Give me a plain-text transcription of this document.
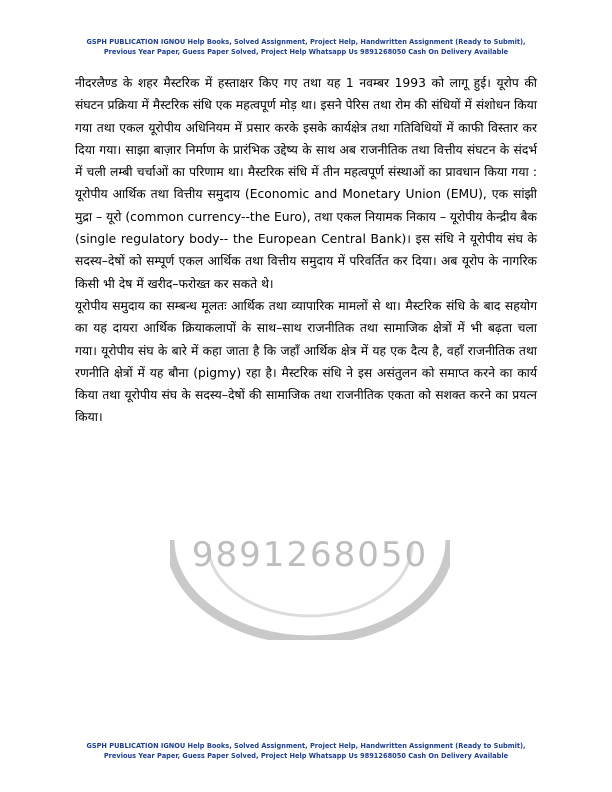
GSPH PUBLICATION IGNOU Help Books, Solved Assignment, Project Help, Handwritten Assignment (Ready to Submit),
Previous Year Paper, Guess Paper Solved, Project Help Whatsapp Us 9891268050 Cash On Delivery Available
9891268050

नीदरलैण्ड के शहर मैस्टरिक में हस्ताक्षर किए गए तथा यह 1 नवम्बर 1993 को लागू हुई। यूरोप की संघटन प्रक्रिया में मैस्टरिक संधि एक महत्वपूर्ण मोड़ था। इसने पेरिस तथा रोम की संधियों में संशोधन किया गया तथा एकल यूरोपीय अधिनियम में प्रसार करके इसके कार्यक्षेत्र तथा गतिविधियों में काफी विस्तार कर दिया गया। साझा बाज़ार निर्माण के प्रारंभिक उद्देष्य के साथ अब राजनीतिक तथा वित्तीय संघटन के संदर्भ में चली लम्बी चर्चाओं का परिणाम था। मैस्टरिक संधि में तीन महत्वपूर्ण संस्थाओं का प्रावधान किया गया : यूरोपीय आर्थिक तथा वित्तीय समुदाय (Economic and Monetary Union (EMU), एक सांझी मुद्रा – यूरो (common currency--the Euro), तथा एकल नियामक निकाय – यूरोपीय केन्द्रीय बैक (single regulatory body-- the European Central Bank)। इस संधि ने यूरोपीय संघ के सदस्य–देषों को सम्पूर्ण एकल आर्थिक तथा वित्तीय समुदाय में परिवर्तित कर दिया। अब यूरोप के नागरिक किसी भी देष में खरीद–फरोख्त कर सकते थे।

यूरोपीय समुदाय का सम्बन्ध मूलतः आर्थिक तथा व्यापारिक मामलों से था। मैस्टरिक संधि के बाद सहयोग का यह दायरा आर्थिक क्रियाकलापों के साथ–साथ राजनीतिक तथा सामाजिक क्षेत्रों में भी बढ़ता चला गया। यूरोपीय संघ के बारे में कहा जाता है कि जहाँ आर्थिक क्षेत्र में यह एक दैत्य है, वहाँ राजनीतिक तथा रणनीति क्षेत्रों में यह बौना (pigmy) रहा है। मैस्टरिक संधि ने इस असंतुलन को समाप्त करने का कार्य किया तथा यूरोपीय संघ के सदस्य–देषों की सामाजिक तथा राजनीतिक एकता को सशक्त करने का प्रयत्न किया।

GSPH PUBLICATION IGNOU Help Books, Solved Assignment, Project Help, Handwritten Assignment (Ready to Submit),
Previous Year Paper, Guess Paper Solved, Project Help Whatsapp Us 9891268050 Cash On Delivery Available
